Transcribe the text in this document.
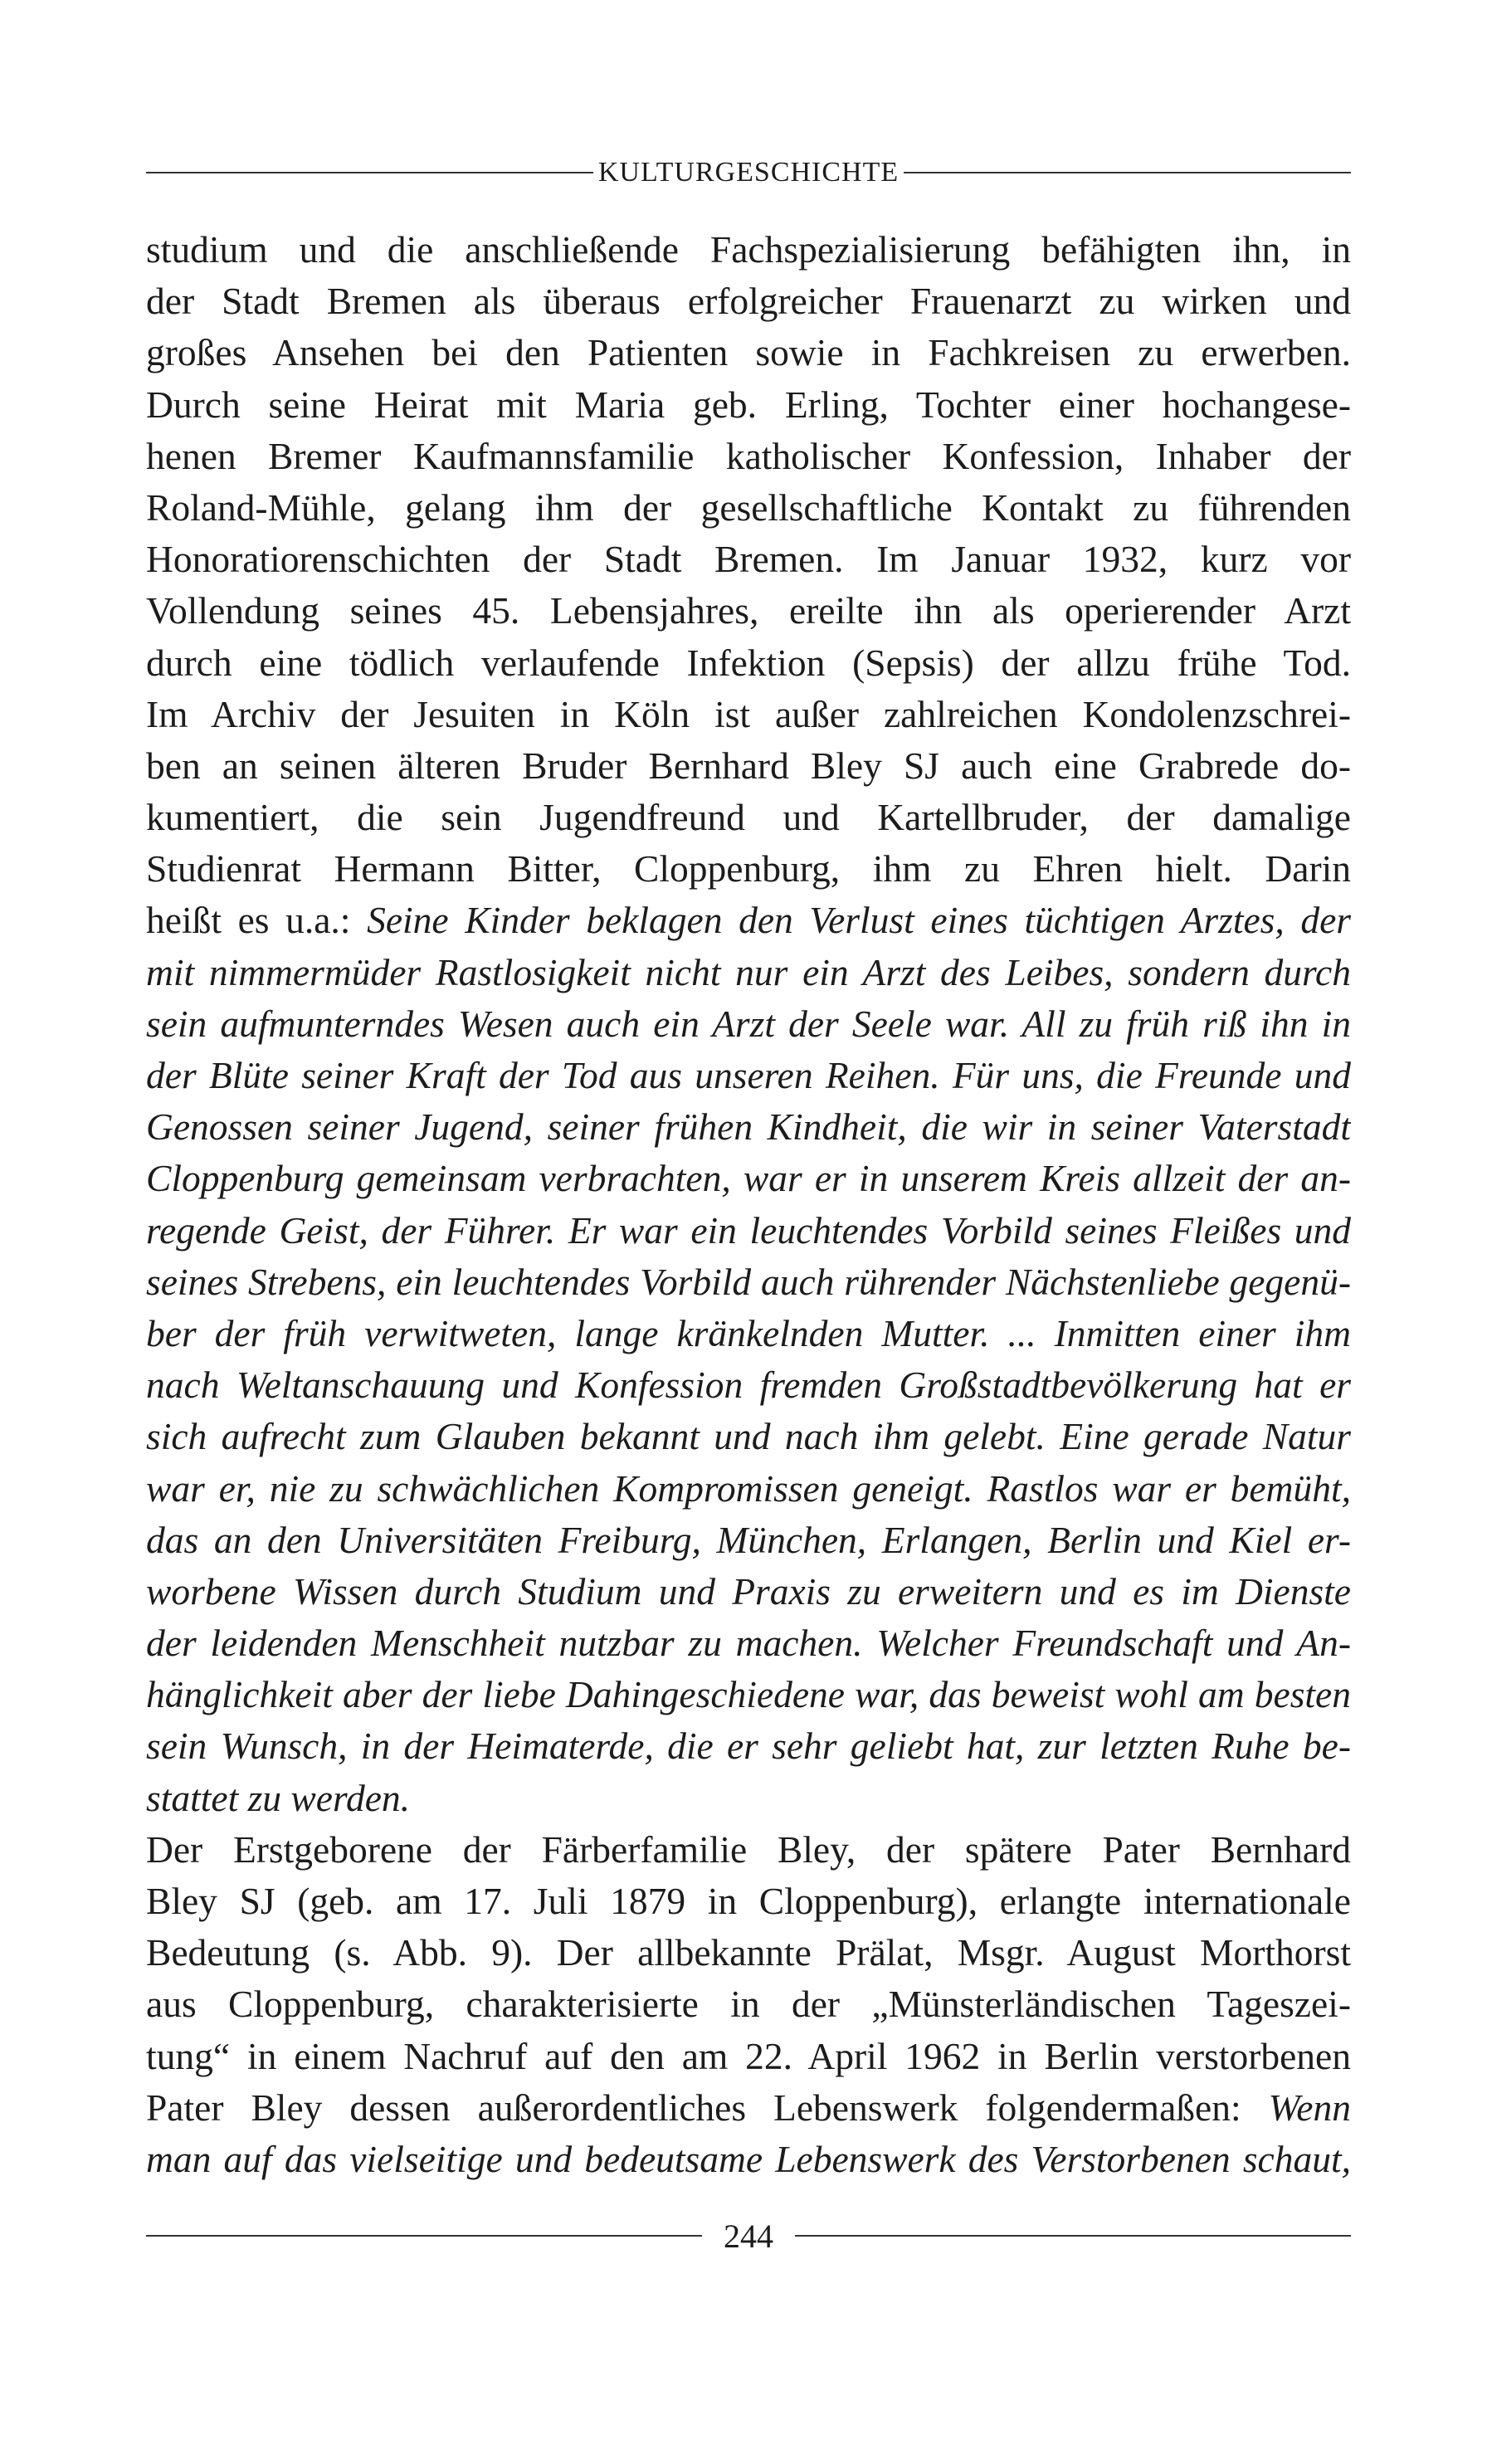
KULTURGESCHICHTE
studium und die anschließende Fachspezialisierung befähigten ihn, in
der Stadt Bremen als überaus erfolgreicher Frauenarzt zu wirken und
großes Ansehen bei den Patienten sowie in Fachkreisen zu erwerben.
Durch seine Heirat mit Maria geb. Erling, Tochter einer hochangese-
henen Bremer Kaufmannsfamilie katholischer Konfession, Inhaber der
Roland-Mühle, gelang ihm der gesellschaftliche Kontakt zu führenden
Honoratiorenschichten der Stadt Bremen. Im Januar 1932, kurz vor
Vollendung seines 45. Lebensjahres, ereilte ihn als operierender Arzt
durch eine tödlich verlaufende Infektion (Sepsis) der allzu frühe Tod.
Im Archiv der Jesuiten in Köln ist außer zahlreichen Kondolenzschrei-
ben an seinen älteren Bruder Bernhard Bley SJ auch eine Grabrede do-
kumentiert, die sein Jugendfreund und Kartellbruder, der damalige
Studienrat Hermann Bitter, Cloppenburg, ihm zu Ehren hielt. Darin
heißt es u.a.: Seine Kinder beklagen den Verlust eines tüchtigen Arztes, der
mit nimmermüder Rastlosigkeit nicht nur ein Arzt des Leibes, sondern durch
sein aufmunterndes Wesen auch ein Arzt der Seele war. All zu früh riß ihn in
der Blüte seiner Kraft der Tod aus unseren Reihen. Für uns, die Freunde und
Genossen seiner Jugend, seiner frühen Kindheit, die wir in seiner Vaterstadt
Cloppenburg gemeinsam verbrachten, war er in unserem Kreis allzeit der an-
regende Geist, der Führer. Er war ein leuchtendes Vorbild seines Fleißes und
seines Strebens, ein leuchtendes Vorbild auch rührender Nächstenliebe gegenü-
ber der früh verwitweten, lange kränkelnden Mutter. ... Inmitten einer ihm
nach Weltanschauung und Konfession fremden Großstadtbevölkerung hat er
sich aufrecht zum Glauben bekannt und nach ihm gelebt. Eine gerade Natur
war er, nie zu schwächlichen Kompromissen geneigt. Rastlos war er bemüht,
das an den Universitäten Freiburg, München, Erlangen, Berlin und Kiel er-
worbene Wissen durch Studium und Praxis zu erweitern und es im Dienste
der leidenden Menschheit nutzbar zu machen. Welcher Freundschaft und An-
hänglichkeit aber der liebe Dahingeschiedene war, das beweist wohl am besten
sein Wunsch, in der Heimaterde, die er sehr geliebt hat, zur letzten Ruhe be-
stattet zu werden.
Der Erstgeborene der Färberfamilie Bley, der spätere Pater Bernhard
Bley SJ (geb. am 17. Juli 1879 in Cloppenburg), erlangte internationale
Bedeutung (s. Abb. 9). Der allbekannte Prälat, Msgr. August Morthorst
aus Cloppenburg, charakterisierte in der „Münsterländischen Tageszei-
tung“ in einem Nachruf auf den am 22. April 1962 in Berlin verstorbenen
Pater Bley dessen außerordentliches Lebenswerk folgendermaßen: Wenn
man auf das vielseitige und bedeutsame Lebenswerk des Verstorbenen schaut,
244
